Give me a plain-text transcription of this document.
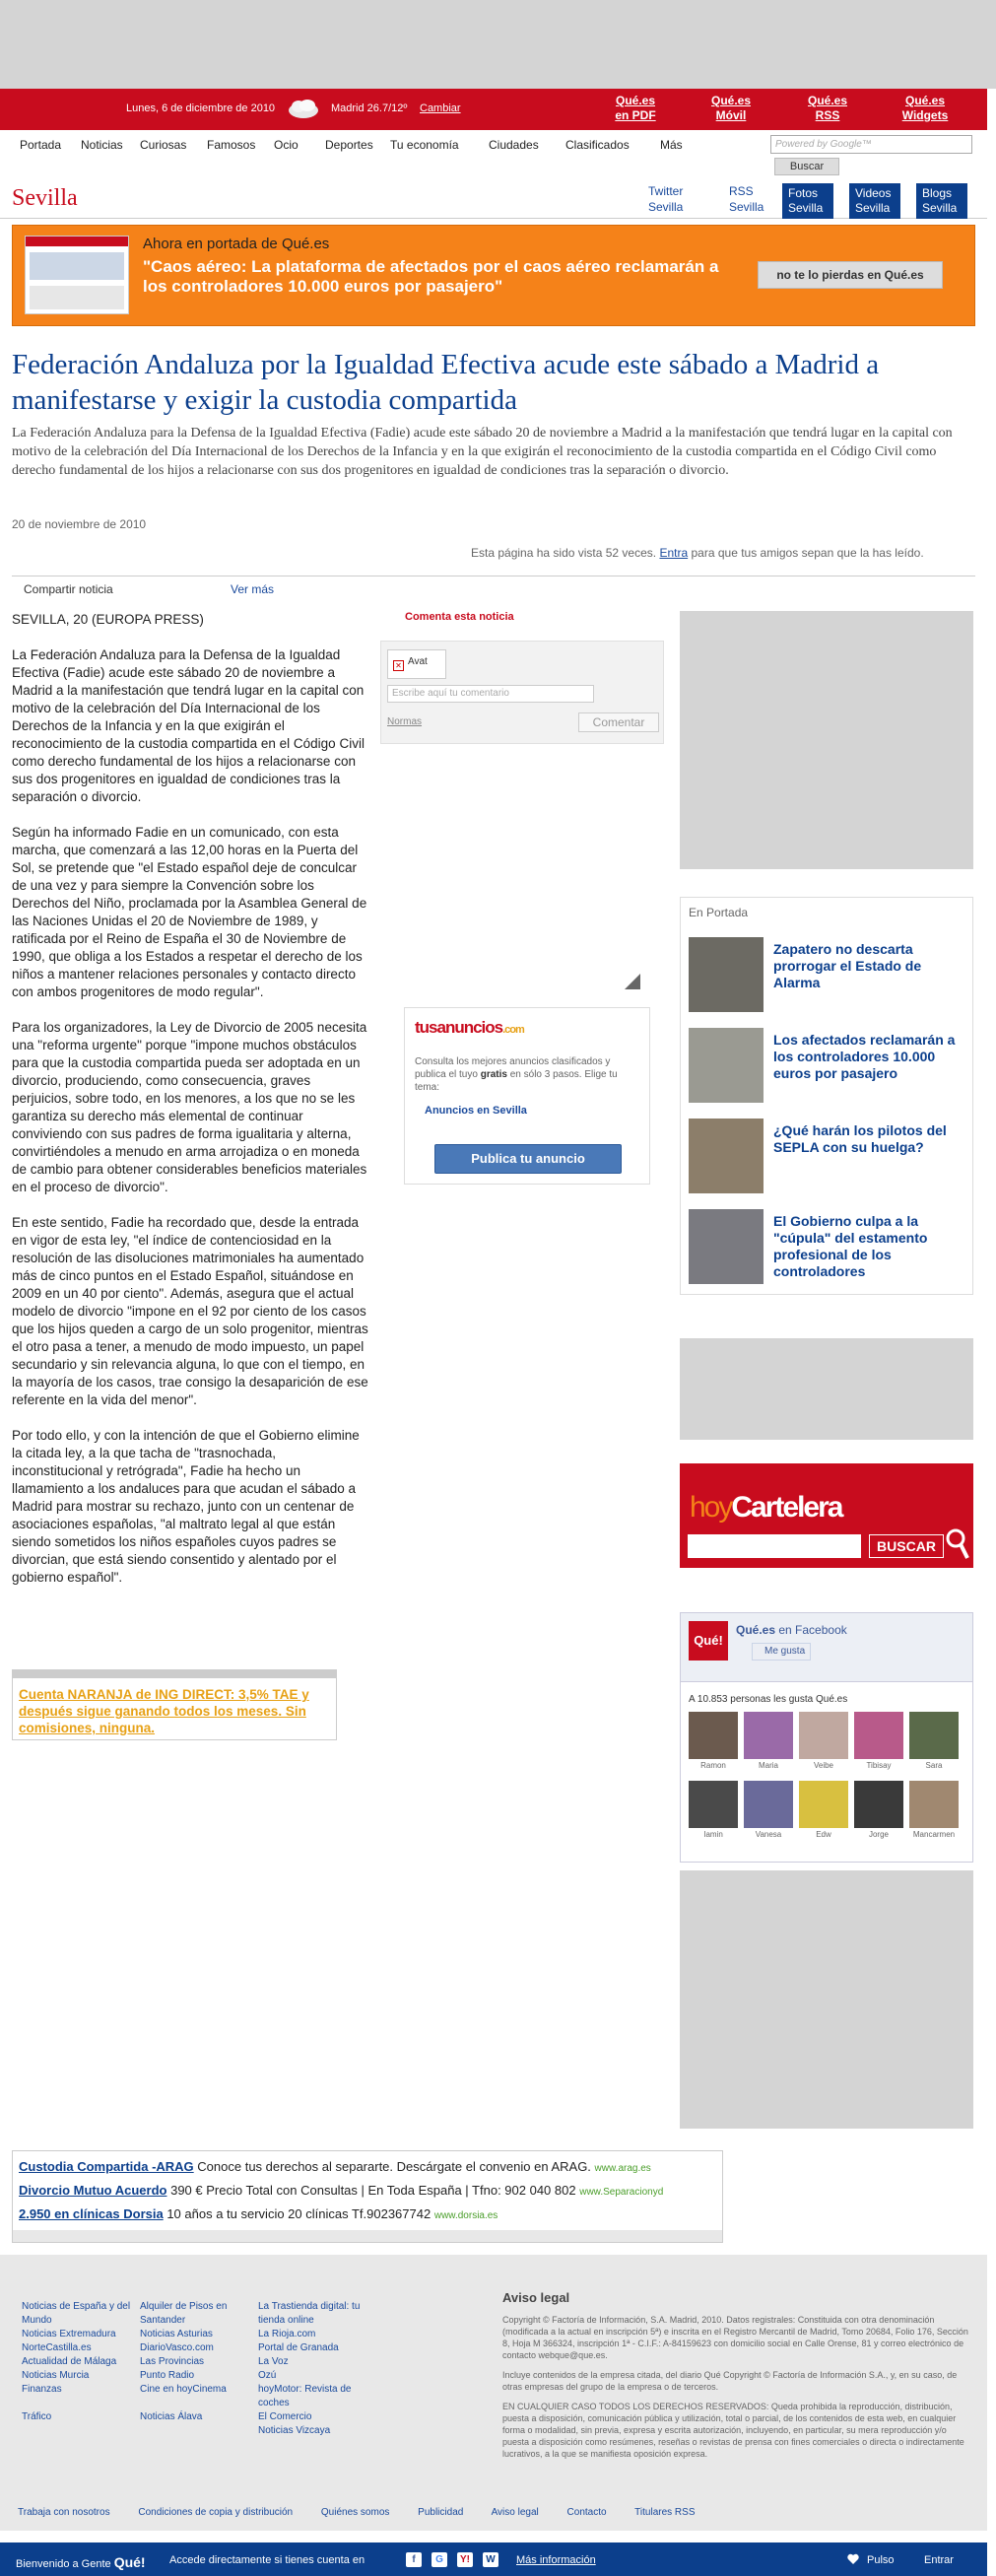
Lunes, 6 de diciembre de 2010	Madrid 26.7/12º Cambiar
Qué.es
en PDF
Qué.es
Móvil
Qué.es
RSS
Qué.es
Widgets
Portada Noticias Curiosas Famosos Ocio Deportes Tu economía	Ciudades Clasificados	Más	Powered by Google™
Buscar
Sevilla	Twitter
Sevilla
RSS
Sevilla
Fotos
Sevilla
Videos
Sevilla
Blogs
Sevilla
Ahora en portada de Qué.es
"Caos aéreo: La plataforma de afectados por el caos aéreo reclamarán a los controladores 10.000 euros por pasajero"
no te lo pierdas en Qué.es
Federación Andaluza por la Igualdad Efectiva acude este sábado a Madrid a manifestarse y exigir la custodia compartida

La Federación Andaluza para la Defensa de la Igualdad Efectiva (Fadie) acude este sábado 20 de noviembre a Madrid a la manifestación que tendrá lugar en la capital con motivo de la celebración del Día Internacional de los Derechos de la Infancia y en la que exigirán el reconocimiento de la custodia compartida en el Código Civil como derecho fundamental de los hijos a relacionarse con sus dos progenitores en igualdad de condiciones tras la separación o divorcio.

20 de noviembre de 2010
Esta página ha sido vista 52 veces. Entra para que tus amigos sepan que la has leído.
Compartir noticia	Ver más

SEVILLA, 20 (EUROPA PRESS)

La Federación Andaluza para la Defensa de la Igualdad Efectiva (Fadie) acude este sábado 20 de noviembre a Madrid a la manifestación que tendrá lugar en la capital con motivo de la celebración del Día Internacional de los Derechos de la Infancia y en la que exigirán el reconocimiento de la custodia compartida en el Código Civil como derecho fundamental de los hijos a relacionarse con sus dos progenitores en igualdad de condiciones tras la separación o divorcio.

Según ha informado Fadie en un comunicado, con esta marcha, que comenzará a las 12,00 horas en la Puerta del Sol, se pretende que "el Estado español deje de conculcar de una vez y para siempre la Convención sobre los Derechos del Niño, proclamada por la Asamblea General de las Naciones Unidas el 20 de Noviembre de 1989, y ratificada por el Reino de España el 30 de Noviembre de 1990, que obliga a los Estados a respetar el derecho de los niños a mantener relaciones personales y contacto directo con ambos progenitores de modo regular".

Para los organizadores, la Ley de Divorcio de 2005 necesita una "reforma urgente" porque "impone muchos obstáculos para que la custodia compartida pueda ser adoptada en un divorcio, produciendo, como consecuencia, graves perjuicios, sobre todo, en los menores, a los que no se les garantiza su derecho más elemental de continuar conviviendo con sus padres de forma igualitaria y alterna, convirtiéndoles a menudo en arma arrojadiza o en moneda de cambio para obtener considerables beneficios materiales en el proceso de divorcio".

En este sentido, Fadie ha recordado que, desde la entrada en vigor de esta ley, "el índice de contenciosidad en la resolución de las disoluciones matrimoniales ha aumentado más de cinco puntos en el Estado Español, situándose en 2009 en un 40 por ciento". Además, asegura que el actual modelo de divorcio "impone en el 92 por ciento de los casos que los hijos queden a cargo de un solo progenitor, mientras el otro pasa a tener, a menudo de modo impuesto, un papel secundario y sin relevancia alguna, lo que con el tiempo, en la mayoría de los casos, trae consigo la desaparición de ese referente en la vida del menor".

Por todo ello, y con la intención de que el Gobierno elimine la citada ley, a la que tacha de "trasnochada, inconstitucional y retrógrada", Fadie ha hecho un llamamiento a los andaluces para que acudan el sábado a Madrid para mostrar su rechazo, junto con un centenar de asociaciones españolas, "al maltrato legal al que están siendo sometidos los niños españoles cuyos padres se divorcian, que está siendo consentido y alentado por el gobierno español".

Cuenta NARANJA de ING DIRECT: 3,5% TAE y después sigue ganando todos los meses. Sin comisiones, ninguna.
Comenta esta noticia
✕ Avat
Escribe aquí tu comentario
Normas	Comentar
tusanuncios.com
Consulta los mejores anuncios clasificados y publica el tuyo gratis en sólo 3 pasos. Elige tu tema:
Anuncios en Sevilla
Publica tu anuncio
En Portada
Zapatero no descarta prorrogar el Estado de Alarma
Los afectados reclamarán a los controladores 10.000 euros por pasajero
¿Qué harán los pilotos del SEPLA con su huelga?
El Gobierno culpa a la "cúpula" del estamento profesional de los controladores
hoyCartelera
BUSCAR
Qué!
Qué.es en Facebook
Me gusta
A 10.853 personas les gusta Qué.es
Ramon	Maria	Veibe	Tibisay	Sara
Iamin	Vanesa	Edw	Jorge	Mancarmen
Custodia Compartida -ARAG Conoce tus derechos al separarte. Descárgate el convenio en ARAG. www.arag.es
Divorcio Mutuo Acuerdo 390 € Precio Total con Consultas | En Toda España | Tfno: 902 040 802 www.Separacionyd
2.950 en clínicas Dorsia 10 años a tu servicio 20 clínicas Tf.902367742 www.dorsia.es
Noticias de España y del Mundo
Noticias Extremadura
NorteCastilla.es
Actualidad de Málaga
Noticias Murcia
Finanzas
Tráfico
Alquiler de Pisos en Santander
Noticias Asturias
DiarioVasco.com
Las Provincias
Punto Radio
Cine en hoyCinema
Noticias Álava
La Trastienda digital: tu tienda online
La Rioja.com
Portal de Granada
La Voz
Ozú
hoyMotor: Revista de coches
El Comercio
Noticias Vizcaya
Aviso legal

Copyright © Factoría de Información, S.A. Madrid, 2010. Datos registrales: Constituida con otra denominación (modificada a la actual en inscripción 5ª) e inscrita en el Registro Mercantil de Madrid, Tomo 20684, Folio 176, Sección 8, Hoja M 366324, inscripción 1ª - C.I.F.: A-84159623 con domicilio social en Calle Orense, 81 y correo electrónico de contacto webque@que.es.

Incluye contenidos de la empresa citada, del diario Qué Copyright © Factoría de Información S.A., y, en su caso, de otras empresas del grupo de la empresa o de terceros.

EN CUALQUIER CASO TODOS LOS DERECHOS RESERVADOS: Queda prohibida la reproducción, distribución, puesta a disposición, comunicación pública y utilización, total o parcial, de los contenidos de esta web, en cualquier forma o modalidad, sin previa, expresa y escrita autorización, incluyendo, en particular, su mera reproducción y/o puesta a disposición como resúmenes, reseñas o revistas de prensa con fines comerciales o directa o indirectamente lucrativos, a la que se manifiesta oposición expresa.

Trabaja con nosotros	Condiciones de copia y distribución	Quiénes somos	Publicidad	Aviso legal	Contacto	Titulares RSS
Bienvenido a Gente Qué! Accede directamente si tienes cuenta en	f	G	Y!	W Más información	Pulso	Entrar
